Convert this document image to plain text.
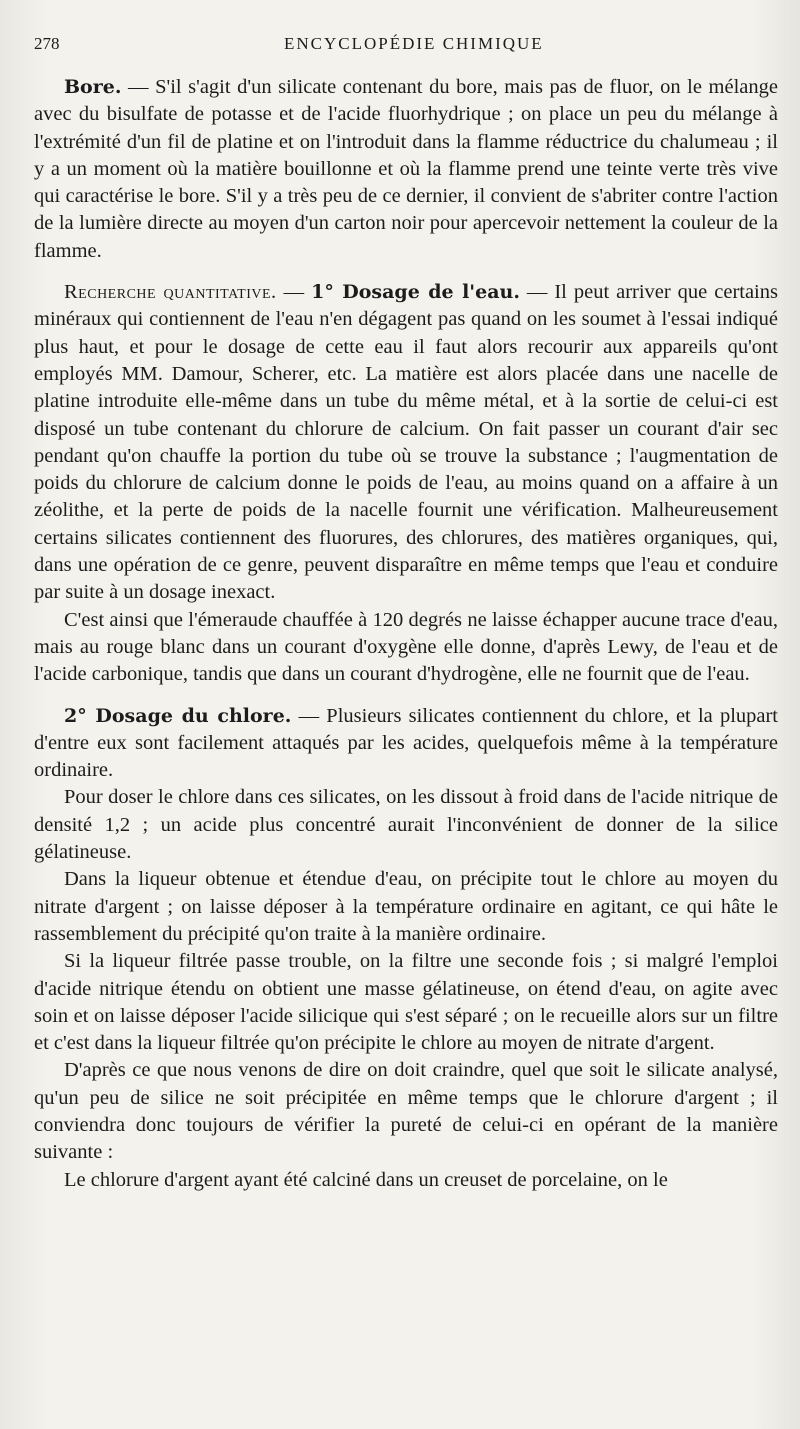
278	ENCYCLOPÉDIE CHIMIQUE

Bore. — S'il s'agit d'un silicate contenant du bore, mais pas de fluor, on le mélange avec du bisulfate de potasse et de l'acide fluorhydrique ; on place un peu du mélange à l'extrémité d'un fil de platine et on l'introduit dans la flamme réductrice du chalumeau ; il y a un moment où la matière bouillonne et où la flamme prend une teinte verte très vive qui caractérise le bore. S'il y a très peu de ce dernier, il convient de s'abriter contre l'action de la lumière directe au moyen d'un carton noir pour apercevoir nettement la couleur de la flamme.

Recherche quantitative. — 1° Dosage de l'eau. — Il peut arriver que certains minéraux qui contiennent de l'eau n'en dégagent pas quand on les soumet à l'essai indiqué plus haut, et pour le dosage de cette eau il faut alors recourir aux appareils qu'ont employés MM. Damour, Scherer, etc. La matière est alors placée dans une nacelle de platine introduite elle-même dans un tube du même métal, et à la sortie de celui-ci est disposé un tube contenant du chlorure de calcium. On fait passer un courant d'air sec pendant qu'on chauffe la portion du tube où se trouve la substance ; l'augmentation de poids du chlorure de calcium donne le poids de l'eau, au moins quand on a affaire à un zéolithe, et la perte de poids de la nacelle fournit une vérification. Malheureusement certains silicates contiennent des fluorures, des chlorures, des matières organiques, qui, dans une opération de ce genre, peuvent disparaître en même temps que l'eau et conduire par suite à un dosage inexact.

C'est ainsi que l'émeraude chauffée à 120 degrés ne laisse échapper aucune trace d'eau, mais au rouge blanc dans un courant d'oxygène elle donne, d'après Lewy, de l'eau et de l'acide carbonique, tandis que dans un courant d'hydrogène, elle ne fournit que de l'eau.

2° Dosage du chlore. — Plusieurs silicates contiennent du chlore, et la plupart d'entre eux sont facilement attaqués par les acides, quelquefois même à la température ordinaire.

Pour doser le chlore dans ces silicates, on les dissout à froid dans de l'acide nitrique de densité 1,2 ; un acide plus concentré aurait l'inconvénient de donner de la silice gélatineuse.

Dans la liqueur obtenue et étendue d'eau, on précipite tout le chlore au moyen du nitrate d'argent ; on laisse déposer à la température ordinaire en agitant, ce qui hâte le rassemblement du précipité qu'on traite à la manière ordinaire.

Si la liqueur filtrée passe trouble, on la filtre une seconde fois ; si malgré l'emploi d'acide nitrique étendu on obtient une masse gélatineuse, on étend d'eau, on agite avec soin et on laisse déposer l'acide silicique qui s'est séparé ; on le recueille alors sur un filtre et c'est dans la liqueur filtrée qu'on précipite le chlore au moyen de nitrate d'argent.

D'après ce que nous venons de dire on doit craindre, quel que soit le silicate analysé, qu'un peu de silice ne soit précipitée en même temps que le chlorure d'argent ; il conviendra donc toujours de vérifier la pureté de celui-ci en opérant de la manière suivante :

Le chlorure d'argent ayant été calciné dans un creuset de porcelaine, on le
